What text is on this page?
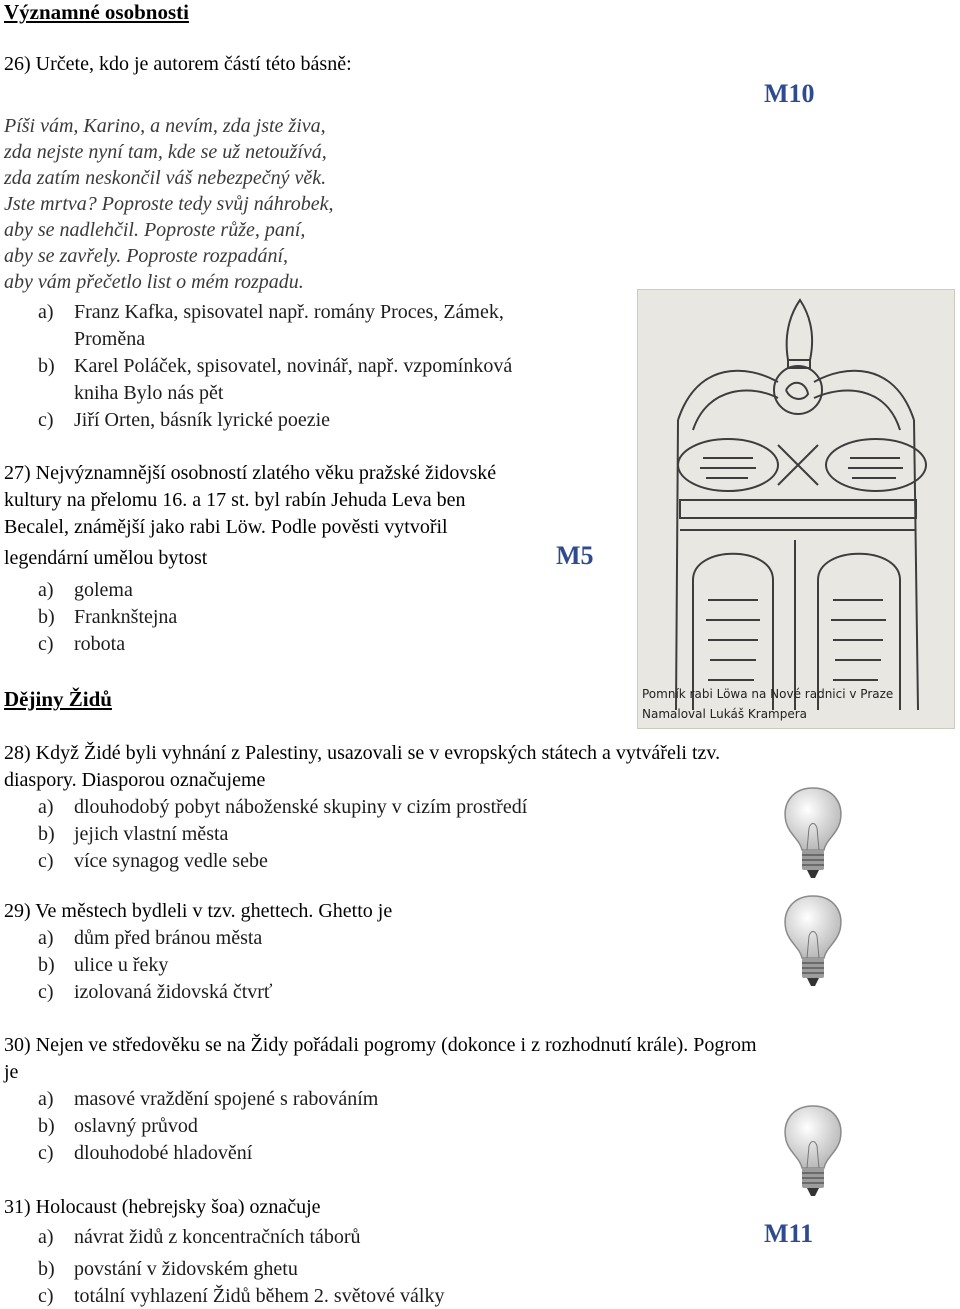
Významné osobnosti
26) Určete, kdo je autorem částí této básně:
Píši vám, Karino, a nevím, zda jste živa,
zda nejste nyní tam, kde se už netoužívá,
zda zatím neskončil váš nebezpečný věk.
Jste mrtva? Poproste tedy svůj náhrobek,
aby se nadlehčil. Poproste růže, paní,
aby se zavřely. Poproste rozpadání,
aby vám přečetlo list o mém rozpadu.
M10
a) Franz Kafka, spisovatel např. romány Proces, Zámek,
Proměna
b) Karel Poláček, spisovatel, novinář, např. vzpomínková
kniha Bylo nás pět
c) Jiří Orten, básník lyrické poezie
27) Nejvýznamnější osobností zlatého věku pražské židovské
kultury na přelomu 16. a 17 st. byl rabín Jehuda Leva ben
Becalel, známější jako rabi Löw. Podle pověsti vytvořil
legendární umělou bytost	M5
a) golema
b) Franknštejna
c) robota
Pomník rabi Löwa na Nové radnici v Praze
Namaloval Lukáš Krampera
Dějiny Židů
28) Když Židé byli vyhnání z Palestiny, usazovali se v evropských státech a vytvářeli tzv.
diaspory. Diasporou označujeme
a) dlouhodobý pobyt náboženské skupiny v cizím prostředí
b) jejich vlastní města
c) více synagog vedle sebe
29) Ve městech bydleli v tzv. ghettech. Ghetto je
a) dům před bránou města
b) ulice u řeky
c) izolovaná židovská čtvrť
30) Nejen ve středověku se na Židy pořádali pogromy (dokonce i z rozhodnutí krále). Pogrom
je
a) masové vraždění spojené s rabováním
b) oslavný průvod
c) dlouhodobé hladovění
31) Holocaust (hebrejsky šoa) označuje
a) návrat židů z koncentračních táborů	M11
b) povstání v židovském ghetu
c) totální vyhlazení Židů během 2. světové války
